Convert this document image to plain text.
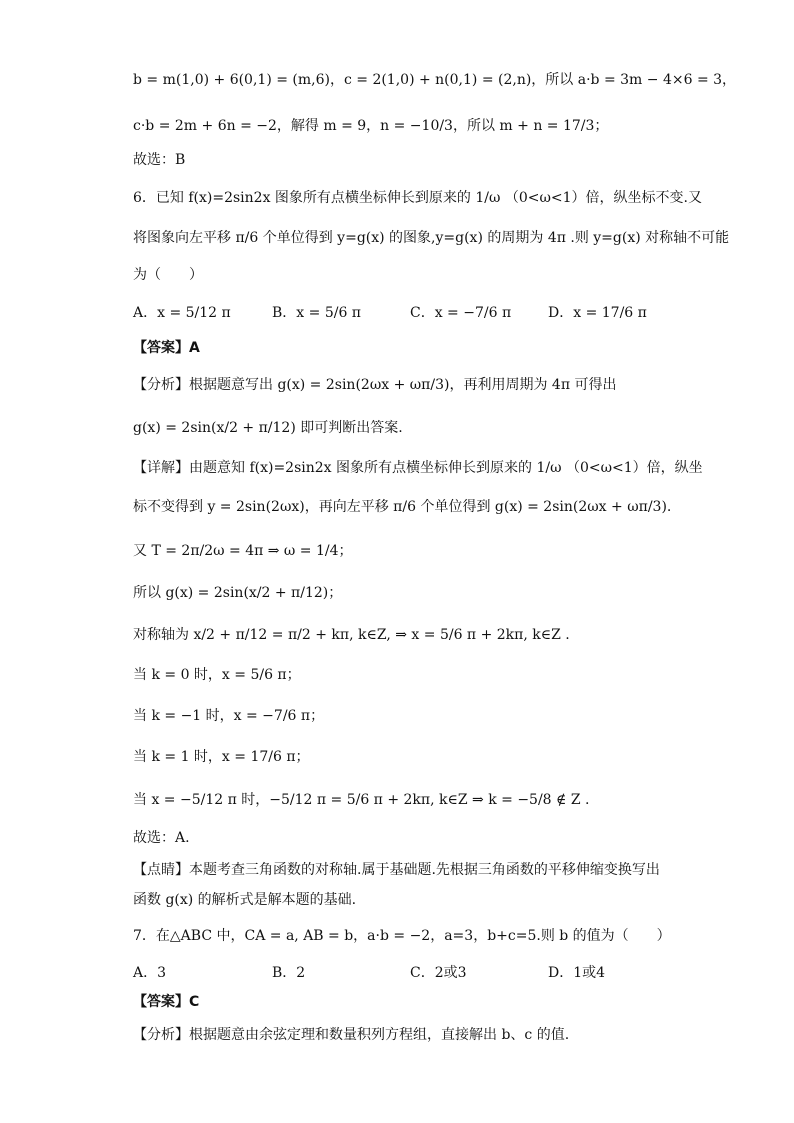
b = m(1,0) + 6(0,1) = (m,6)，c = 2(1,0) + n(0,1) = (2,n)，所以 a·b = 3m − 4×6 = 3，
c·b = 2m + 6n = −2，解得 m = 9，n = −10/3，所以 m + n = 17/3；
故选：B
6．已知 f(x)=2sin2x 图象所有点横坐标伸长到原来的 1/ω （0<ω<1）倍，纵坐标不变.又
将图象向左平移 π/6 个单位得到 y=g(x) 的图象,y=g(x) 的周期为 4π .则 y=g(x) 对称轴不可能
为（　　）
A．x = 5/12 π	B．x = 5/6 π	C．x = −7/6 π	D．x = 17/6 π
【答案】A
【分析】根据题意写出 g(x) = 2sin(2ωx + ωπ/3)，再利用周期为 4π 可得出
g(x) = 2sin(x/2 + π/12) 即可判断出答案.
【详解】由题意知 f(x)=2sin2x 图象所有点横坐标伸长到原来的 1/ω （0<ω<1）倍，纵坐
标不变得到 y = 2sin(2ωx)，再向左平移 π/6 个单位得到 g(x) = 2sin(2ωx + ωπ/3).
又 T = 2π/2ω = 4π ⇒ ω = 1/4；
所以 g(x) = 2sin(x/2 + π/12)；
对称轴为 x/2 + π/12 = π/2 + kπ, k∈Z, ⇒ x = 5/6 π + 2kπ, k∈Z .
当 k = 0 时，x = 5/6 π；
当 k = −1 时，x = −7/6 π；
当 k = 1 时，x = 17/6 π；
当 x = −5/12 π 时，−5/12 π = 5/6 π + 2kπ, k∈Z ⇒ k = −5/8 ∉ Z .
故选：A.
【点睛】本题考查三角函数的对称轴.属于基础题.先根据三角函数的平移伸缩变换写出
函数 g(x) 的解析式是解本题的基础.
7．在△ABC 中，CA = a, AB = b，a·b = −2，a=3，b+c=5.则 b 的值为（　　）
A．3	B．2	C．2或3	D．1或4
【答案】C
【分析】根据题意由余弦定理和数量积列方程组，直接解出 b、c 的值.
